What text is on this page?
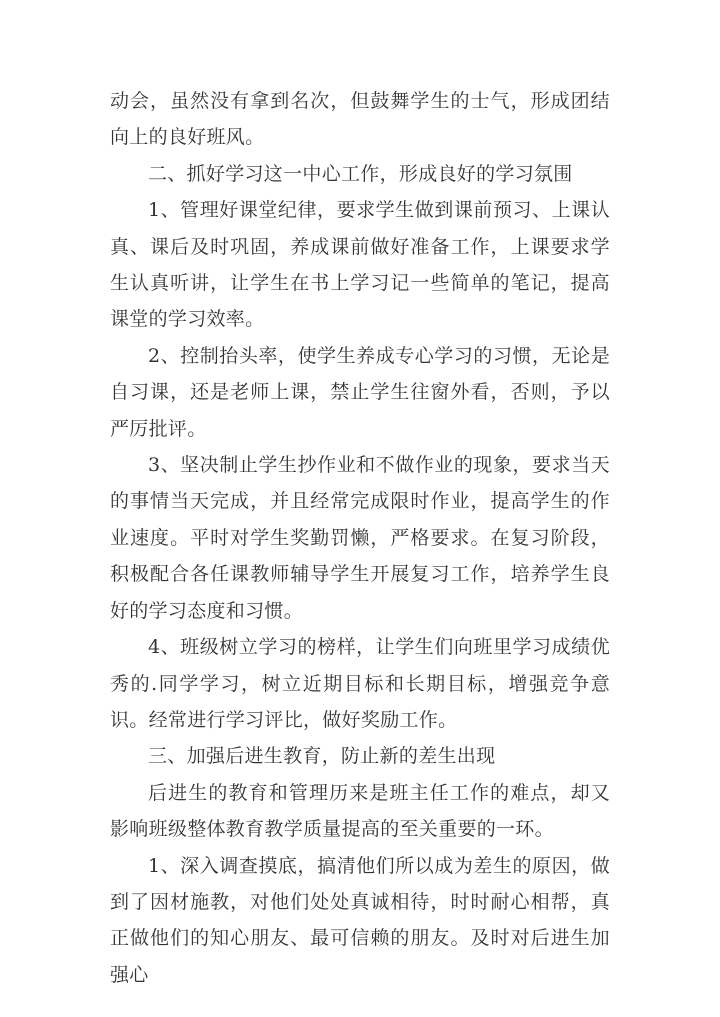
动会，虽然没有拿到名次，但鼓舞学生的士气，形成团结向上的良好班风。

二、抓好学习这一中心工作，形成良好的学习氛围

1、管理好课堂纪律，要求学生做到课前预习、上课认真、课后及时巩固，养成课前做好准备工作，上课要求学生认真听讲，让学生在书上学习记一些简单的笔记，提高课堂的学习效率。

2、控制抬头率，使学生养成专心学习的习惯，无论是自习课，还是老师上课，禁止学生往窗外看，否则，予以严厉批评。

3、坚决制止学生抄作业和不做作业的现象，要求当天的事情当天完成，并且经常完成限时作业，提高学生的作业速度。平时对学生奖勤罚懒，严格要求。在复习阶段，积极配合各任课教师辅导学生开展复习工作，培养学生良好的学习态度和习惯。

4、班级树立学习的榜样，让学生们向班里学习成绩优秀的.同学学习，树立近期目标和长期目标，增强竞争意识。经常进行学习评比，做好奖励工作。

三、加强后进生教育，防止新的差生出现

后进生的教育和管理历来是班主任工作的难点，却又影响班级整体教育教学质量提高的至关重要的一环。

1、深入调查摸底，搞清他们所以成为差生的原因，做到了因材施教，对他们处处真诚相待，时时耐心相帮，真正做他们的知心朋友、最可信赖的朋友。及时对后进生加强心
